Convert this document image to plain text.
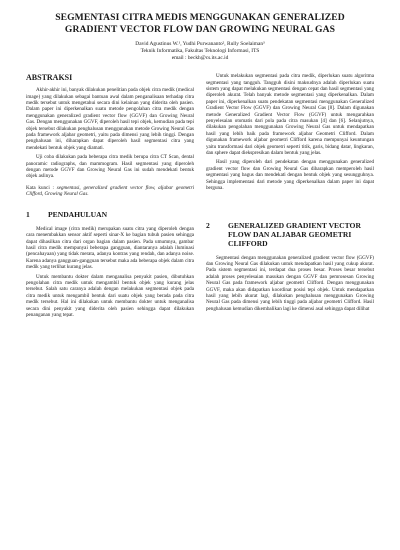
SEGMENTASI CITRA MEDIS MENGGUNAKAN GENERALIZED GRADIENT VECTOR FLOW DAN GROWING NEURAL GAS
David Agustinus W.¹, Yudhi Purwananto², Rully Soelaiman³
Teknik Informatika, Fakultas Teknologi Informasi, ITS
email : beckh@cs.its.ac.id
ABSTRAKSI

Akhir-akhir ini, banyak dilakukan penelitian pada objek citra medik (medical image) yang dilakukan sebagai bantuan awal dalam penganalisaan terhadap citra medik tersebut untuk mengetahui secara dini kelainan yang diderita oleh pasien. Dalam paper ini diperkenalkan suatu metode pengolahan citra medik dengan menggunakan generalized gradient vector flow (GGVF) dan Growing Neural Gas. Dengan menggunakan GGVF, diperoleh hasil tepi objek, kemudian pada tepi objek tersebut dilakukan penghalusan menggunakan metode Growing Neural Gas pada framework aljabar geometri, yaitu pada dimensi yang lebih tinggi. Dengan penghalusan ini, diharapkan dapat diperoleh hasil segmentasi citra yang mendekati bentuk objek yang diamati.

Uji coba dilakukan pada beberapa citra medik berupa citra CT Scan, dental panoramic radiographs, dan mammogram. Hasil segmentasi yang diperoleh dengan metode GGVF dan Growing Neural Gas ini sudah mendekati bentuk objek aslinya.

Kata kunci : segmentasi, generalized gradient vector flow, aljabar geometri Clifford, Growing Neural Gas.

1	PENDAHULUAN

Medical image (citra medik) merupakan suatu citra yang diperoleh dengan cara menembakkan sensor aktif seperti sinar-X ke bagian tubuh pasien sehingga dapat dihasilkan citra dari organ bagian dalam pasien. Pada umumnya, gambar hasil citra medik mempunyai beberapa gangguan, diantaranya adalah iluminasi (pencahayaan) yang tidak merata, adanya kontras yang rendah, dan adanya noise. Karena adanya gangguan-gangguan tersebut maka ada beberapa objek dalam citra medik yang terlihat kurang jelas.

Untuk membantu dokter dalam menganalisa penyakit pasien, dibutuhkan pengolahan citra medik untuk mengambil bentuk objek yang kurang jelas tersebut. Salah satu caranya adalah dengan melakukan segmentasi objek pada citra medik untuk mengambil bentuk dari suatu objek yang berada pada citra medik tersebut. Hal ini dilakukan untuk membantu dokter untuk menganalisa secara dini penyakit yang diderita oleh pasien sehingga dapat dilakukan penanganan yang tepat.

Untuk melakukan segmentasi pada citra medik, diperlukan suatu algoritma segmentasi yang tangguh. Tangguh disini maksudnya adalah diperlukan suatu sistem yang dapat melakukan segmentasi dengan cepat dan hasil segmentasi yang diperoleh akurat. Telah banyak metode segmentasi yang diperkenalkan. Dalam paper ini, diperkenalkan suatu pendekatan segmentasi menggunakan Generalized Gradient Vector Flow (GGVF) dan Growing Neural Gas [8]. Dalam digunakan metode Generalized Gradient Vector Flow (GGVF) untuk mengarahkan penyelesaian otomatis dari pola pada citra masukan [4] dan [6]. Selanjutnya, dilakukan pengolahan menggunakan Growing Neural Gas untuk mendapatkan hasil yang lebih baik pada framework aljabar Geometri Clifford. Dalam digunakan framework aljabar geometri Clifford karena mempunyai keuntungan yaitu transformasi dari objek geometri seperti titik, garis, bidang datar, lingkaran, dan sphere dapat diekspresikan dalam bentuk yang jelas.

Hasil yang diperoleh dari pendekatan dengan menggunakan generalized gradient vector flow dan Growing Neural Gas diharapkan memperoleh hasil segmentasi yang bagus dan mendekati dengan bentuk objek yang sesungguhnya. Sehingga implementasi dari metode yang diperkenalkan dalam paper ini dapat berguna.

2	GENERALIZED GRADIENT VECTOR FLOW DAN ALJABAR GEOMETRI CLIFFORD

Segmentasi dengan menggunakan generalized gradient vector flow (GGVF) dan Growing Neural Gas dilakukan untuk mendapatkan hasil yang cukup akurat. Pada sistem segmentasi ini, terdapat dua proses besar. Proses besar tersebut adalah proses penyelesaian masukan dengan GGVF dan pemrosesan Growing Neural Gas pada framework aljabar geometri Clifford. Dengan menggunakan GGVF, maka akan didapatkan koordinat posisi tepi objek. Untuk mendapatkan hasil yang lebih akurat lagi, dilakukan penghalusan menggunakan Growing Neural Gas pada dimensi yang lebih tinggi pada aljabar geometri Clifford. Hasil penghalusan kemudian dikembalikan lagi ke dimensi asal sehingga dapat dilihat
